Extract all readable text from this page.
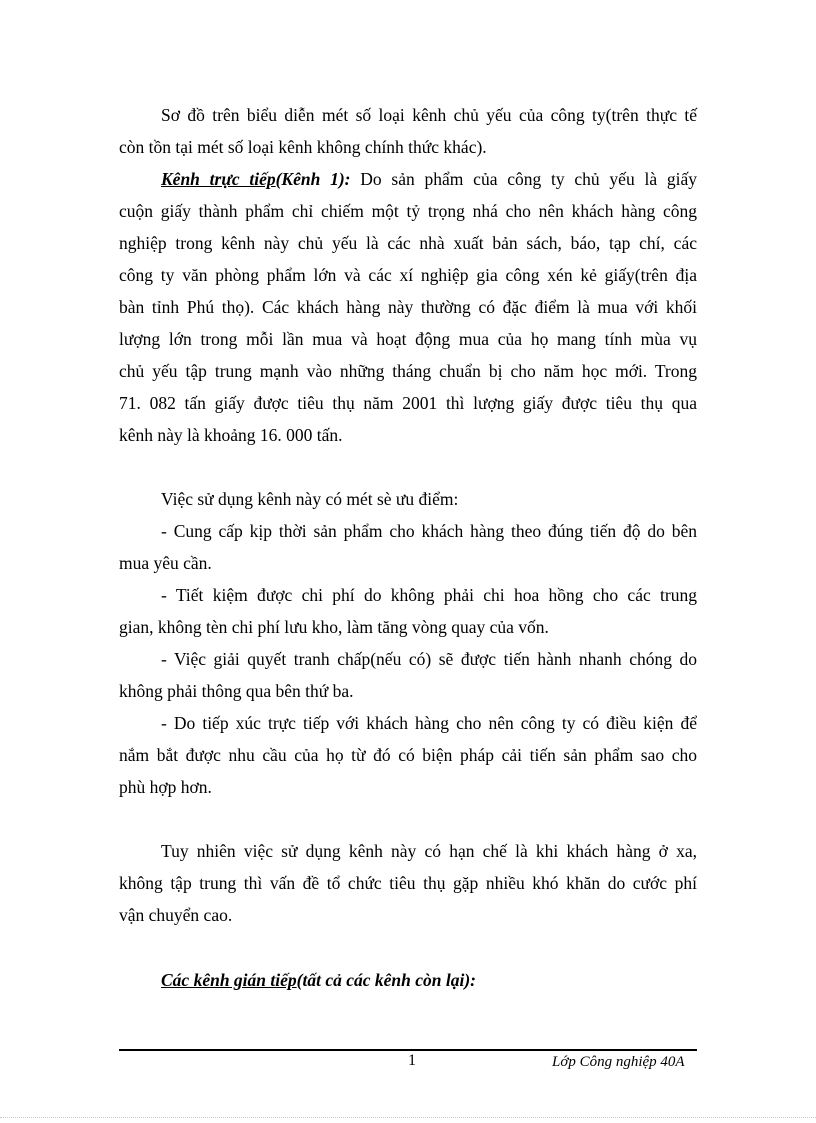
Sơ đồ trên biểu diễn mét số loại kênh chủ yếu của công ty(trên thực tế
còn tồn tại mét số loại kênh không chính thức khác).
Kênh trực tiếp(Kênh 1): Do sản phẩm của công ty chủ yếu là giấy
cuộn giấy thành phẩm chỉ chiếm một tỷ trọng nhá cho nên khách hàng công
nghiệp trong kênh này chủ yếu là các nhà xuất bản sách, báo, tạp chí, các
công ty văn phòng phẩm lớn và các xí nghiệp gia công xén kẻ giấy(trên địa
bàn tỉnh Phú thọ). Các khách hàng này thường có đặc điểm là mua với khối
lượng lớn trong mỗi lần mua và hoạt động mua của họ mang tính mùa vụ
chủ yếu tập trung mạnh vào những tháng chuẩn bị cho năm học mới. Trong
71. 082 tấn giấy được tiêu thụ năm 2001 thì lượng giấy được tiêu thụ qua
kênh này là khoảng 16. 000 tấn.
Việc sử dụng kênh này có mét sè ưu điểm:
- Cung cấp kịp thời sản phẩm cho khách hàng theo đúng tiến độ do bên
mua yêu cần.
- Tiết kiệm được chi phí do không phải chi hoa hồng cho các trung
gian, không tèn chi phí lưu kho, làm tăng vòng quay của vốn.
- Việc giải quyết tranh chấp(nếu có) sẽ được tiến hành nhanh chóng do
không phải thông qua bên thứ ba.
- Do tiếp xúc trực tiếp với khách hàng cho nên công ty có điều kiện để
nắm bắt được nhu cầu của họ từ đó có biện pháp cải tiến sản phẩm sao cho
phù hợp hơn.
Tuy nhiên việc sử dụng kênh này có hạn chế là khi khách hàng ở xa,
không tập trung thì vấn đề tổ chức tiêu thụ gặp nhiều khó khăn do cước phí
vận chuyển cao.
Các kênh gián tiếp(tất cả các kênh còn lại):
1	Lớp Công nghiệp 40A
